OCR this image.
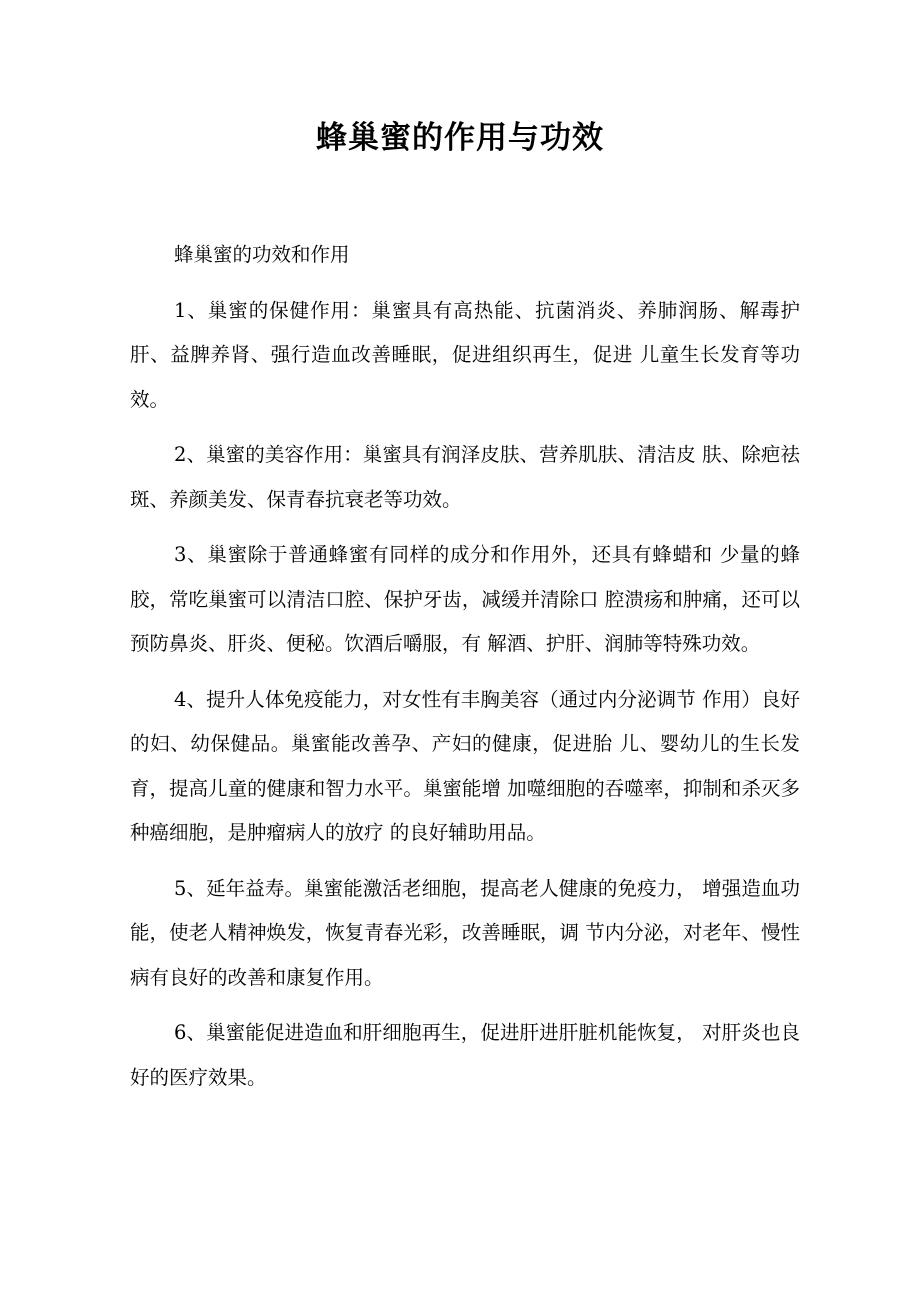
蜂巢蜜的作用与功效

蜂巢蜜的功效和作用

1、巢蜜的保健作用：巢蜜具有高热能、抗菌消炎、养肺润肠、解毒护肝、益脾养肾、强行造血改善睡眠，促进组织再生，促进 儿童生长发育等功效。

2、巢蜜的美容作用：巢蜜具有润泽皮肤、营养肌肤、清洁皮 肤、除疤祛斑、养颜美发、保青春抗衰老等功效。

3、巢蜜除于普通蜂蜜有同样的成分和作用外，还具有蜂蜡和 少量的蜂胶，常吃巢蜜可以清洁口腔、保护牙齿，减缓并清除口 腔溃疡和肿痛，还可以预防鼻炎、肝炎、便秘。饮酒后嚼服，有 解酒、护肝、润肺等特殊功效。

4、提升人体免疫能力，对女性有丰胸美容（通过内分泌调节 作用）良好的妇、幼保健品。巢蜜能改善孕、产妇的健康，促进胎 儿、婴幼儿的生长发育，提高儿童的健康和智力水平。巢蜜能增 加噬细胞的吞噬率，抑制和杀灭多种癌细胞，是肿瘤病人的放疗 的良好辅助用品。

5、延年益寿。巢蜜能激活老细胞，提高老人健康的免疫力， 增强造血功能，使老人精神焕发，恢复青春光彩，改善睡眠，调 节内分泌，对老年、慢性病有良好的改善和康复作用。

6、巢蜜能促进造血和肝细胞再生，促进肝进肝脏机能恢复， 对肝炎也良好的医疗效果。
